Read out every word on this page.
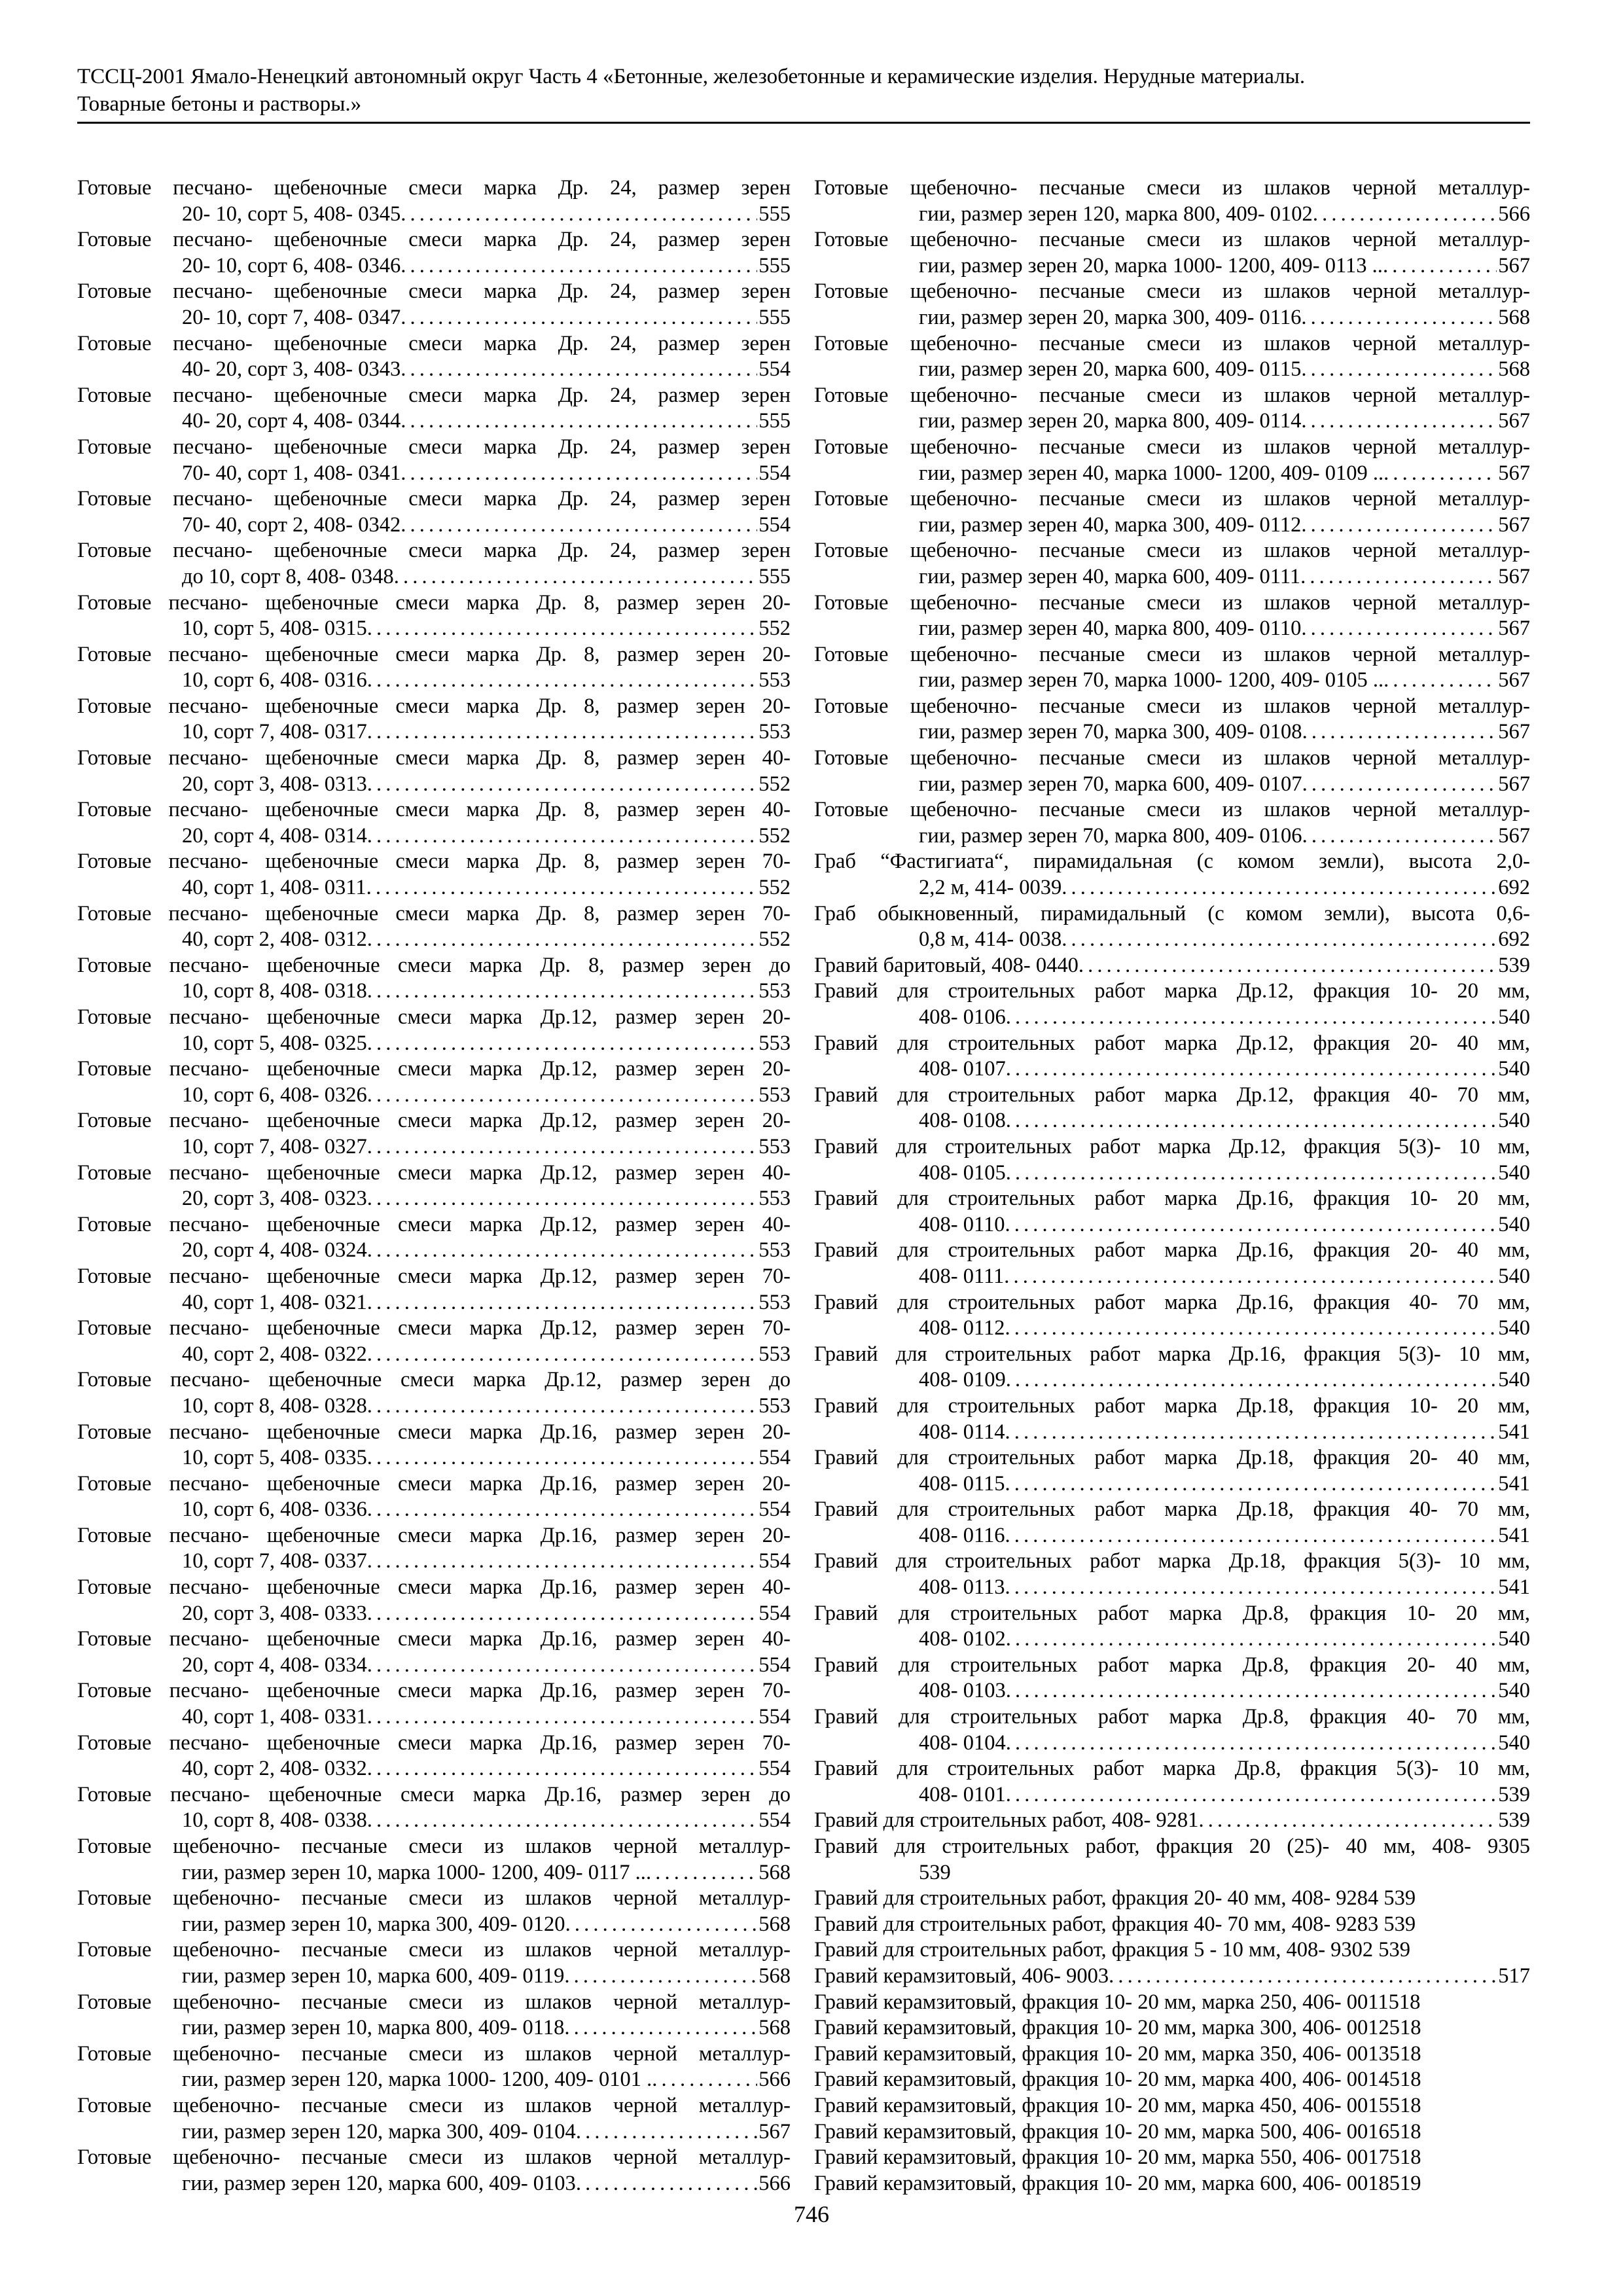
ТССЦ-2001 Ямало-Ненецкий автономный округ Часть 4 «Бетонные, железобетонные и керамические изделия. Нерудные материалы.
Товарные бетоны и растворы.»
Готовые песчано- щебеночные смеси марка Др. 24, размер зерен
20- 10, сорт 5, 408- 0345 . . .	555
Готовые песчано- щебеночные смеси марка Др. 24, размер зерен
20- 10, сорт 6, 408- 0346 . . .	555
Готовые песчано- щебеночные смеси марка Др. 24, размер зерен
20- 10, сорт 7, 408- 0347 . . .	555
Готовые песчано- щебеночные смеси марка Др. 24, размер зерен
40- 20, сорт 3, 408- 0343 . . .	554
Готовые песчано- щебеночные смеси марка Др. 24, размер зерен
40- 20, сорт 4, 408- 0344 . . .	555
Готовые песчано- щебеночные смеси марка Др. 24, размер зерен
70- 40, сорт 1, 408- 0341 . . .	554
Готовые песчано- щебеночные смеси марка Др. 24, размер зерен
70- 40, сорт 2, 408- 0342 . . .	554
Готовые песчано- щебеночные смеси марка Др. 24, размер зерен
до 10, сорт 8, 408- 0348 . . .	555
Готовые песчано- щебеночные смеси марка Др. 8, размер зерен 20-
10, сорт 5, 408- 0315 . . .	552
Готовые песчано- щебеночные смеси марка Др. 8, размер зерен 20-
10, сорт 6, 408- 0316 . . .	553
Готовые песчано- щебеночные смеси марка Др. 8, размер зерен 20-
10, сорт 7, 408- 0317 . . .	553
Готовые песчано- щебеночные смеси марка Др. 8, размер зерен 40-
20, сорт 3, 408- 0313 . . .	552
Готовые песчано- щебеночные смеси марка Др. 8, размер зерен 40-
20, сорт 4, 408- 0314 . . .	552
Готовые песчано- щебеночные смеси марка Др. 8, размер зерен 70-
40, сорт 1, 408- 0311 . . .	552
Готовые песчано- щебеночные смеси марка Др. 8, размер зерен 70-
40, сорт 2, 408- 0312 . . .	552
Готовые песчано- щебеночные смеси марка Др. 8, размер зерен до
10, сорт 8, 408- 0318 . . .	553
Готовые песчано- щебеночные смеси марка Др.12, размер зерен 20-
10, сорт 5, 408- 0325 . . .	553
Готовые песчано- щебеночные смеси марка Др.12, размер зерен 20-
10, сорт 6, 408- 0326 . . .	553
Готовые песчано- щебеночные смеси марка Др.12, размер зерен 20-
10, сорт 7, 408- 0327 . . .	553
Готовые песчано- щебеночные смеси марка Др.12, размер зерен 40-
20, сорт 3, 408- 0323 . . .	553
Готовые песчано- щебеночные смеси марка Др.12, размер зерен 40-
20, сорт 4, 408- 0324 . . .	553
Готовые песчано- щебеночные смеси марка Др.12, размер зерен 70-
40, сорт 1, 408- 0321 . . .	553
Готовые песчано- щебеночные смеси марка Др.12, размер зерен 70-
40, сорт 2, 408- 0322 . . .	553
Готовые песчано- щебеночные смеси марка Др.12, размер зерен до
10, сорт 8, 408- 0328 . . .	553
Готовые песчано- щебеночные смеси марка Др.16, размер зерен 20-
10, сорт 5, 408- 0335 . . .	554
Готовые песчано- щебеночные смеси марка Др.16, размер зерен 20-
10, сорт 6, 408- 0336 . . .	554
Готовые песчано- щебеночные смеси марка Др.16, размер зерен 20-
10, сорт 7, 408- 0337 . . .	554
Готовые песчано- щебеночные смеси марка Др.16, размер зерен 40-
20, сорт 3, 408- 0333 . . .	554
Готовые песчано- щебеночные смеси марка Др.16, размер зерен 40-
20, сорт 4, 408- 0334 . . .	554
Готовые песчано- щебеночные смеси марка Др.16, размер зерен 70-
40, сорт 1, 408- 0331 . . .	554
Готовые песчано- щебеночные смеси марка Др.16, размер зерен 70-
40, сорт 2, 408- 0332 . . .	554
Готовые песчано- щебеночные смеси марка Др.16, размер зерен до
10, сорт 8, 408- 0338 . . .	554
Готовые щебеночно- песчаные смеси из шлаков черной металлур-
гии, размер зерен 10, марка 1000- 1200, 409- 0117 .. . . .	568
Готовые щебеночно- песчаные смеси из шлаков черной металлур-
гии, размер зерен 10, марка 300, 409- 0120 . . .	568
Готовые щебеночно- песчаные смеси из шлаков черной металлур-
гии, размер зерен 10, марка 600, 409- 0119 . . .	568
Готовые щебеночно- песчаные смеси из шлаков черной металлур-
гии, размер зерен 10, марка 800, 409- 0118 . . .	568
Готовые щебеночно- песчаные смеси из шлаков черной металлур-
гии, размер зерен 120, марка 1000- 1200, 409- 0101 . . . .	566
Готовые щебеночно- песчаные смеси из шлаков черной металлур-
гии, размер зерен 120, марка 300, 409- 0104 . . .	567
Готовые щебеночно- песчаные смеси из шлаков черной металлур-
гии, размер зерен 120, марка 600, 409- 0103 . . .	566
Готовые щебеночно- песчаные смеси из шлаков черной металлур-
гии, размер зерен 120, марка 800, 409- 0102 . . .	566
Готовые щебеночно- песчаные смеси из шлаков черной металлур-
гии, размер зерен 20, марка 1000- 1200, 409- 0113 .. . . .	567
Готовые щебеночно- песчаные смеси из шлаков черной металлур-
гии, размер зерен 20, марка 300, 409- 0116 . . .	568
Готовые щебеночно- песчаные смеси из шлаков черной металлур-
гии, размер зерен 20, марка 600, 409- 0115 . . .	568
Готовые щебеночно- песчаные смеси из шлаков черной металлур-
гии, размер зерен 20, марка 800, 409- 0114 . . .	567
Готовые щебеночно- песчаные смеси из шлаков черной металлур-
гии, размер зерен 40, марка 1000- 1200, 409- 0109 .. . . .	567
Готовые щебеночно- песчаные смеси из шлаков черной металлур-
гии, размер зерен 40, марка 300, 409- 0112 . . .	567
Готовые щебеночно- песчаные смеси из шлаков черной металлур-
гии, размер зерен 40, марка 600, 409- 0111 . . .	567
Готовые щебеночно- песчаные смеси из шлаков черной металлур-
гии, размер зерен 40, марка 800, 409- 0110 . . .	567
Готовые щебеночно- песчаные смеси из шлаков черной металлур-
гии, размер зерен 70, марка 1000- 1200, 409- 0105 .. . . .	567
Готовые щебеночно- песчаные смеси из шлаков черной металлур-
гии, размер зерен 70, марка 300, 409- 0108 . . .	567
Готовые щебеночно- песчаные смеси из шлаков черной металлур-
гии, размер зерен 70, марка 600, 409- 0107 . . .	567
Готовые щебеночно- песчаные смеси из шлаков черной металлур-
гии, размер зерен 70, марка 800, 409- 0106 . . .	567
Граб “Фастигиата“, пирамидальная (с комом земли), высота 2,0-
2,2 м, 414- 0039 . . .	692
Граб обыкновенный, пирамидальный (с комом земли), высота 0,6-
0,8 м, 414- 0038 . . .	692
Гравий баритовый, 408- 0440 . . .	539
Гравий для строительных работ марка Др.12, фракция 10- 20 мм,
408- 0106 . . .	540
Гравий для строительных работ марка Др.12, фракция 20- 40 мм,
408- 0107 . . .	540
Гравий для строительных работ марка Др.12, фракция 40- 70 мм,
408- 0108 . . .	540
Гравий для строительных работ марка Др.12, фракция 5(3)- 10 мм,
408- 0105 . . .	540
Гравий для строительных работ марка Др.16, фракция 10- 20 мм,
408- 0110 . . .	540
Гравий для строительных работ марка Др.16, фракция 20- 40 мм,
408- 0111 . . .	540
Гравий для строительных работ марка Др.16, фракция 40- 70 мм,
408- 0112 . . .	540
Гравий для строительных работ марка Др.16, фракция 5(3)- 10 мм,
408- 0109 . . .	540
Гравий для строительных работ марка Др.18, фракция 10- 20 мм,
408- 0114 . . .	541
Гравий для строительных работ марка Др.18, фракция 20- 40 мм,
408- 0115 . . .	541
Гравий для строительных работ марка Др.18, фракция 40- 70 мм,
408- 0116 . . .	541
Гравий для строительных работ марка Др.18, фракция 5(3)- 10 мм,
408- 0113 . . .	541
Гравий для строительных работ марка Др.8, фракция 10- 20 мм,
408- 0102 . . .	540
Гравий для строительных работ марка Др.8, фракция 20- 40 мм,
408- 0103 . . .	540
Гравий для строительных работ марка Др.8, фракция 40- 70 мм,
408- 0104 . . .	540
Гравий для строительных работ марка Др.8, фракция 5(3)- 10 мм,
408- 0101 . . .	539
Гравий для строительных работ, 408- 9281 . . .	539
Гравий для строительных работ, фракция 20 (25)- 40 мм, 408- 9305
539
Гравий для строительных работ, фракция 20- 40 мм, 408- 9284 539
Гравий для строительных работ, фракция 40- 70 мм, 408- 9283 539
Гравий для строительных работ, фракция 5 - 10 мм, 408- 9302 539
Гравий керамзитовый, 406- 9003 . . .	517
Гравий керамзитовый, фракция 10- 20 мм, марка 250, 406- 0011518
Гравий керамзитовый, фракция 10- 20 мм, марка 300, 406- 0012518
Гравий керамзитовый, фракция 10- 20 мм, марка 350, 406- 0013518
Гравий керамзитовый, фракция 10- 20 мм, марка 400, 406- 0014518
Гравий керамзитовый, фракция 10- 20 мм, марка 450, 406- 0015518
Гравий керамзитовый, фракция 10- 20 мм, марка 500, 406- 0016518
Гравий керамзитовый, фракция 10- 20 мм, марка 550, 406- 0017518
Гравий керамзитовый, фракция 10- 20 мм, марка 600, 406- 0018519
746
